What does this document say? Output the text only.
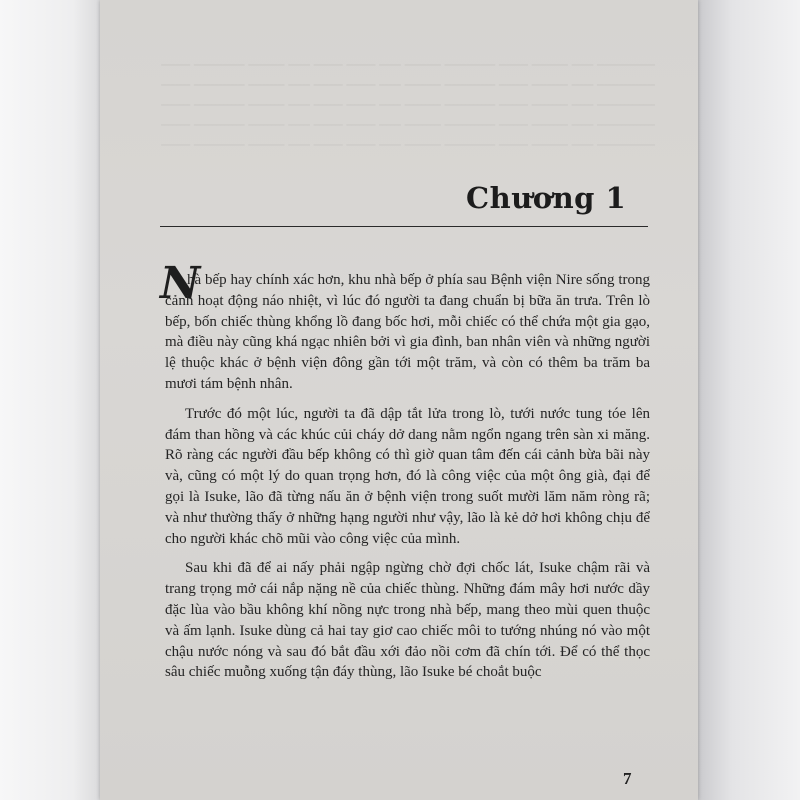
──────── ─── ───── ──── ─────── ───── ─── ──── ──── ─── ───── ─────── ──── ──────── ─── ───── ──── ─────── ───── ─── ──── ──── ─── ───── ─────── ──── ──────── ─── ───── ──── ─────── ───── ─── ──── ──── ─── ───── ─────── ──── ──────── ─── ───── ──── ─────── ───── ─── ──── ──── ─── ───── ─────── ──── ──────── ─── ───── ──── ─────── ───── ─── ──── ──── ─── ───── ─────── ────
Chương 1
N

hà bếp hay chính xác hơn, khu nhà bếp ở phía sau Bệnh viện Nire sống trong cảnh hoạt động náo nhiệt, vì lúc đó người ta đang chuẩn bị bữa ăn trưa. Trên lò bếp, bốn chiếc thùng khổng lồ đang bốc hơi, mỗi chiếc có thể chứa một gia gạo, mà điều này cũng khá ngạc nhiên bởi vì gia đình, ban nhân viên và những người lệ thuộc khác ở bệnh viện đông gần tới một trăm, và còn có thêm ba trăm ba mươi tám bệnh nhân.

Trước đó một lúc, người ta đã dập tắt lửa trong lò, tưới nước tung tóe lên đám than hồng và các khúc củi cháy dở dang nằm ngổn ngang trên sàn xi măng. Rõ ràng các người đầu bếp không có thì giờ quan tâm đến cái cảnh bừa bãi này và, cũng có một lý do quan trọng hơn, đó là công việc của một ông già, đại để gọi là Isuke, lão đã từng nấu ăn ở bệnh viện trong suốt mười lăm năm ròng rã; và như thường thấy ở những hạng người như vậy, lão là kẻ dở hơi không chịu để cho người khác chõ mũi vào công việc của mình.

Sau khi đã để ai nấy phải ngập ngừng chờ đợi chốc lát, Isuke chậm rãi và trang trọng mở cái nắp nặng nề của chiếc thùng. Những đám mây hơi nước dầy đặc lùa vào bầu không khí nồng nực trong nhà bếp, mang theo mùi quen thuộc và ấm lạnh. Isuke dùng cả hai tay giơ cao chiếc môi to tướng nhúng nó vào một chậu nước nóng và sau đó bắt đầu xới đảo nồi cơm đã chín tới. Để có thể thọc sâu chiếc muỗng xuống tận đáy thùng, lão Isuke bé choắt buộc

7
